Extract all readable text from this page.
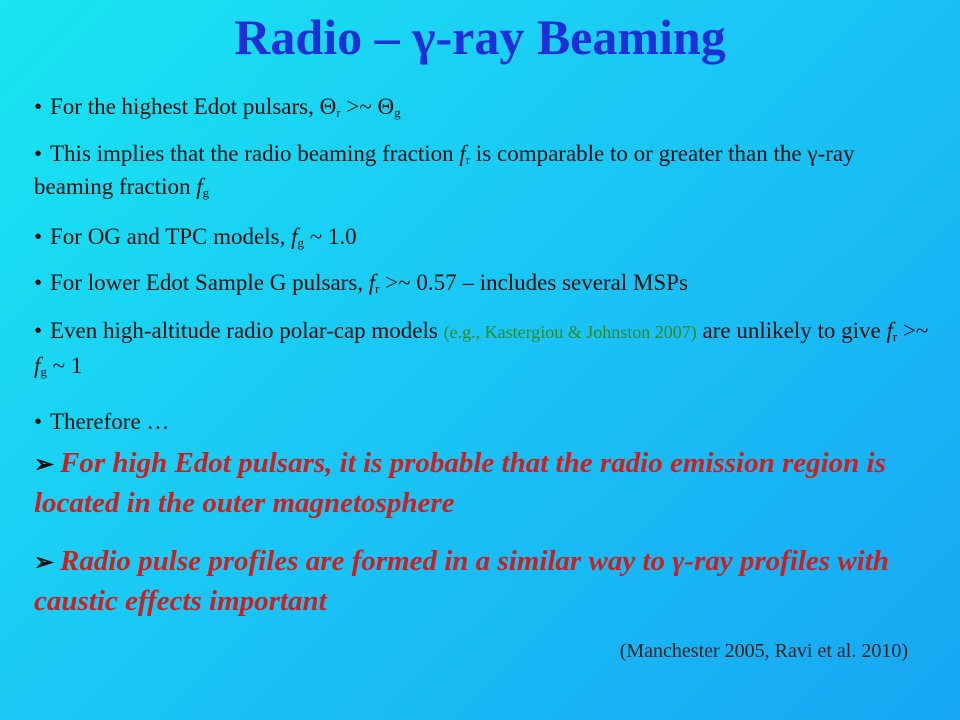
Radio – γ-ray Beaming
• For the highest Edot pulsars, $\Theta_r$ >~ $\Theta_g$
• This implies that the radio beaming fraction $f_r$ is comparable to or greater than the γ-ray beaming fraction $f_g$
• For OG and TPC models, $f_g$ ~ 1.0
• For lower Edot Sample G pulsars, $f_r$ >~ 0.57 – includes several MSPs
• Even high-altitude radio polar-cap models (e.g., Kastergiou & Johnston 2007) are unlikely to give $f_r$ >~ $f_g$ ~ 1
• Therefore …
➢ For high Edot pulsars, it is probable that the radio emission region is located in the outer magnetosphere
➢ Radio pulse profiles are formed in a similar way to γ-ray profiles with caustic effects important
(Manchester 2005, Ravi et al. 2010)
